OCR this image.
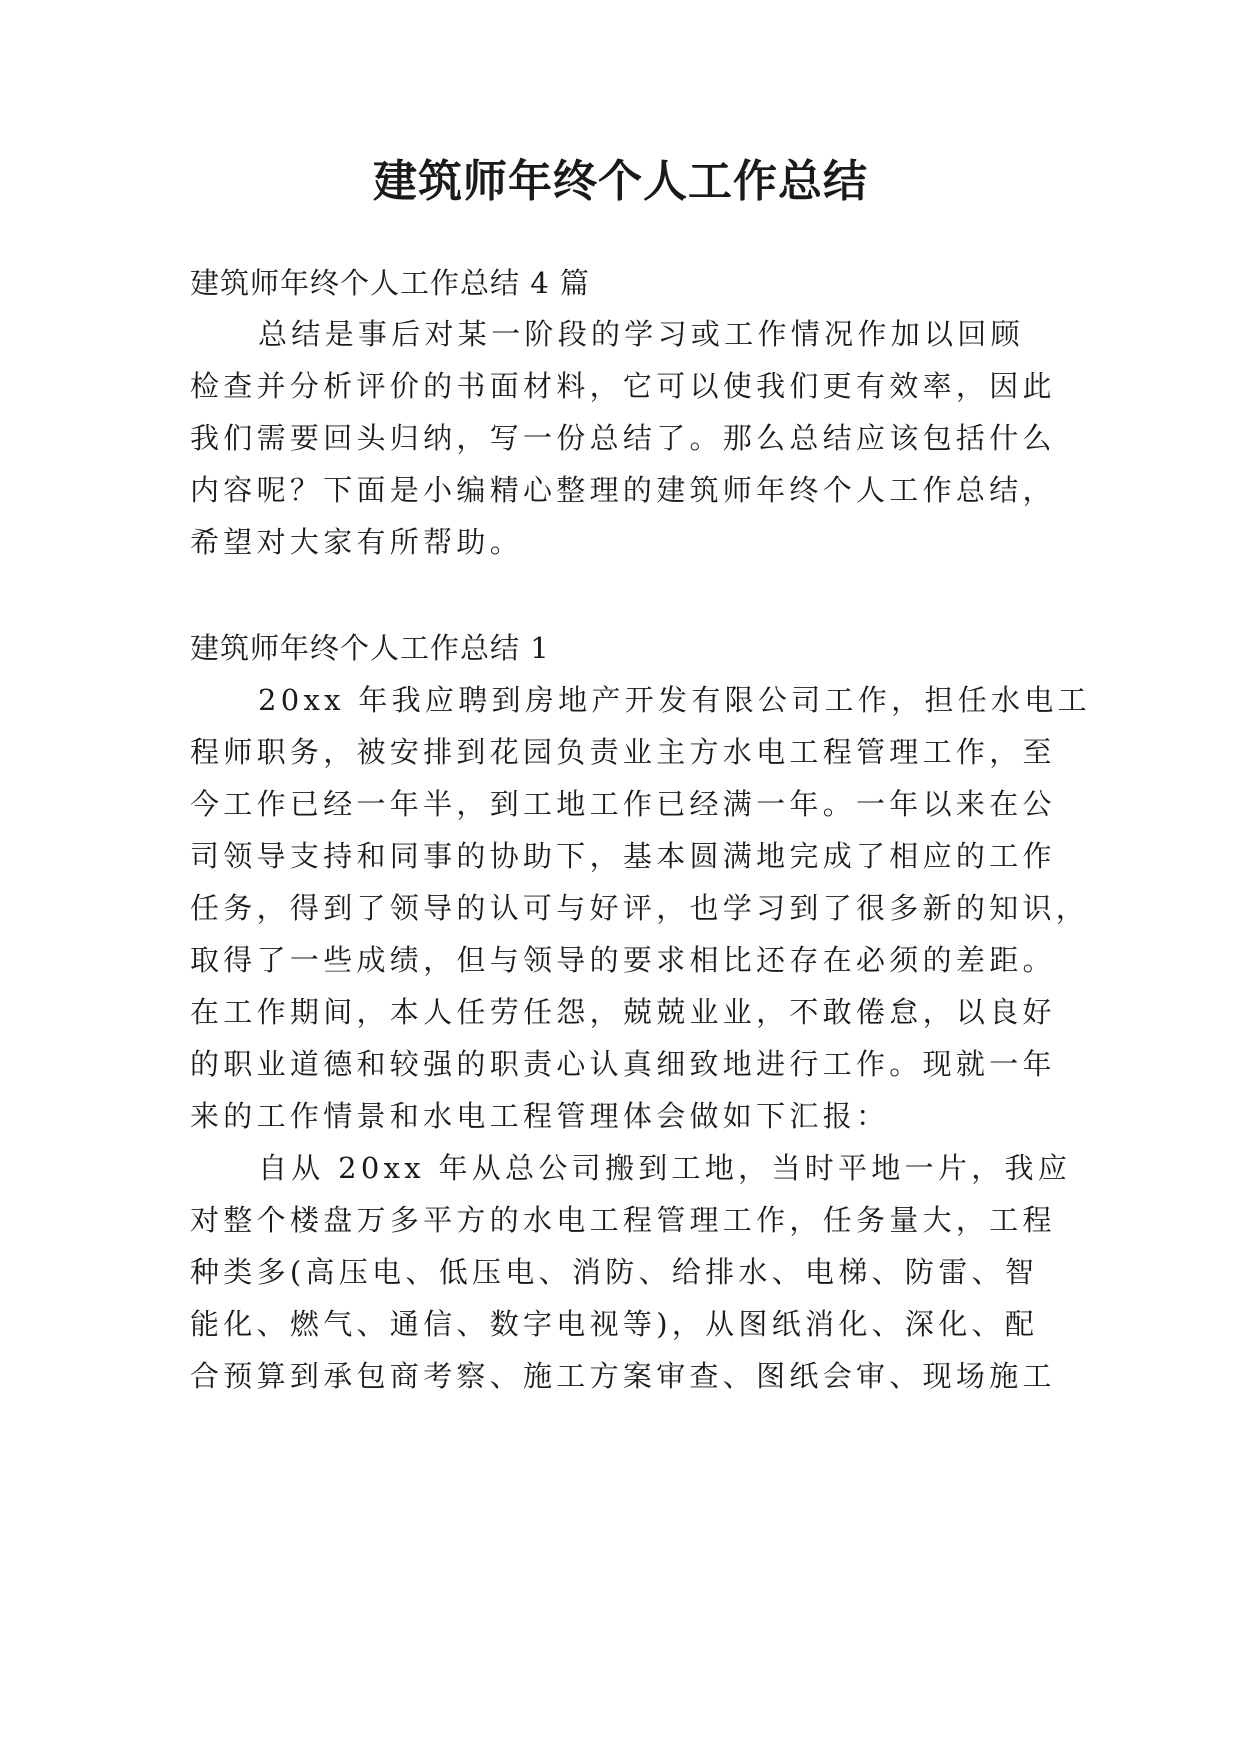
建筑师年终个人工作总结

建筑师年终个人工作总结 4 篇

总结是事后对某一阶段的学习或工作情况作加以回顾

检查并分析评价的书面材料，它可以使我们更有效率，因此

我们需要回头归纳，写一份总结了。那么总结应该包括什么

内容呢？下面是小编精心整理的建筑师年终个人工作总结，

希望对大家有所帮助。

建筑师年终个人工作总结 1

20xx 年我应聘到房地产开发有限公司工作，担任水电工

程师职务，被安排到花园负责业主方水电工程管理工作，至

今工作已经一年半，到工地工作已经满一年。一年以来在公

司领导支持和同事的协助下，基本圆满地完成了相应的工作

任务，得到了领导的认可与好评，也学习到了很多新的知识，

取得了一些成绩，但与领导的要求相比还存在必须的差距。

在工作期间，本人任劳任怨，兢兢业业，不敢倦怠，以良好

的职业道德和较强的职责心认真细致地进行工作。现就一年

来的工作情景和水电工程管理体会做如下汇报：

自从 20xx 年从总公司搬到工地，当时平地一片，我应

对整个楼盘万多平方的水电工程管理工作，任务量大，工程

种类多(高压电、低压电、消防、给排水、电梯、防雷、智

能化、燃气、通信、数字电视等)，从图纸消化、深化、配

合预算到承包商考察、施工方案审查、图纸会审、现场施工
